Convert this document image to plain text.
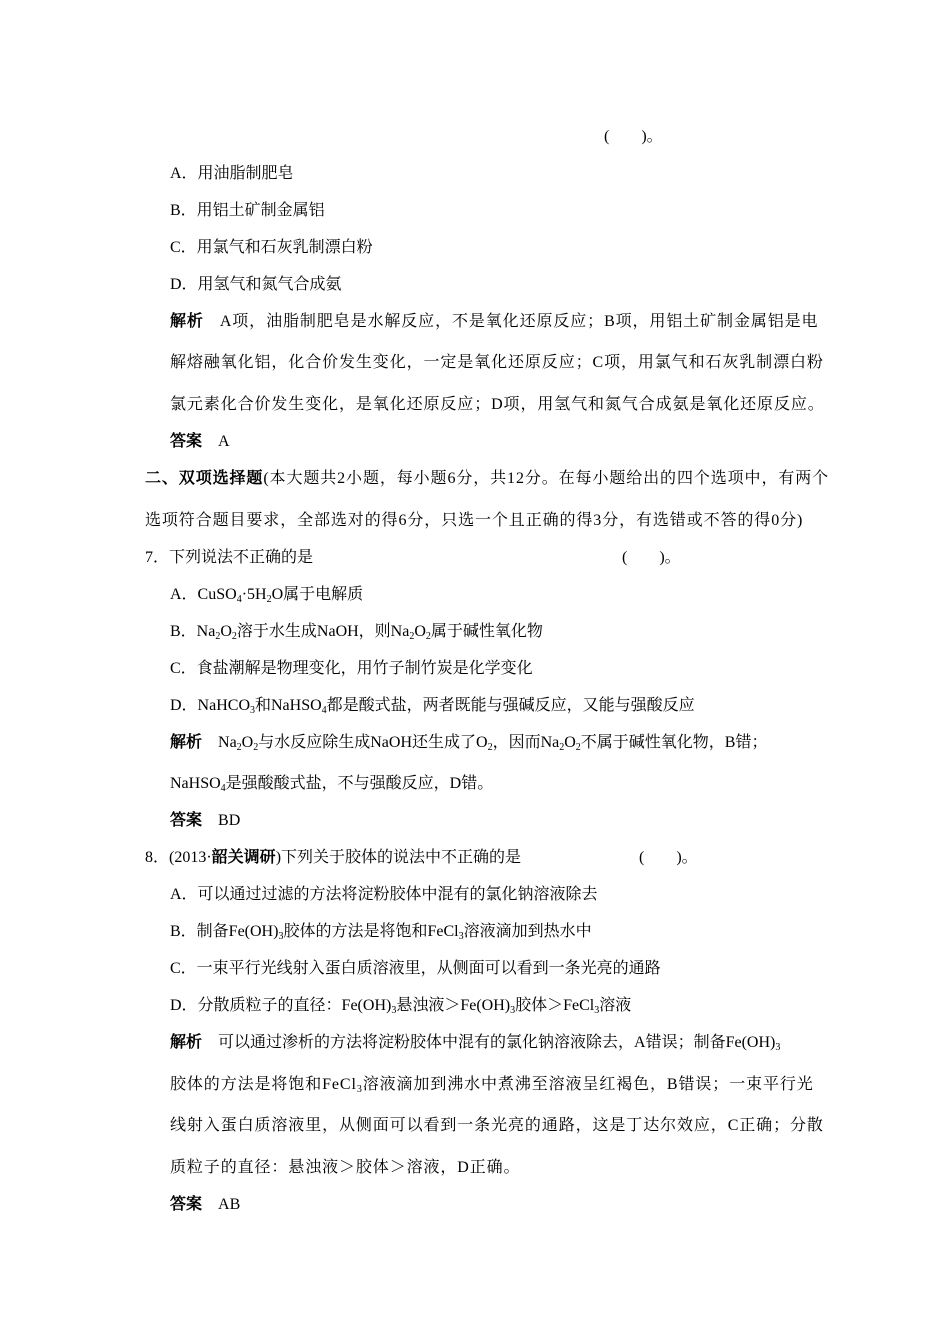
(　　)。
A．用油脂制肥皂
B．用铝土矿制金属铝
C．用氯气和石灰乳制漂白粉
D．用氢气和氮气合成氨
解析 A项，油脂制肥皂是水解反应，不是氧化还原反应；B项，用铝土矿制金属铝是电
解熔融氧化铝，化合价发生变化，一定是氧化还原反应；C项，用氯气和石灰乳制漂白粉
氯元素化合价发生变化，是氧化还原反应；D项，用氢气和氮气合成氨是氧化还原反应。
答案 A
二、双项选择题(本大题共2小题，每小题6分，共12分。在每小题给出的四个选项中，有两个
选项符合题目要求，全部选对的得6分，只选一个且正确的得3分，有选错或不答的得0分)
7．下列说法不正确的是	(　　)。
A．$CuSO_4\cdot 5H_2O$属于电解质
B．$Na_2O_2$溶于水生成NaOH，则$Na_2O_2$属于碱性氧化物
C．食盐潮解是物理变化，用竹子制竹炭是化学变化
D．NaHCO$_3$和NaHSO$_4$都是酸式盐，两者既能与强碱反应，又能与强酸反应
解析 $Na_2O_2$与水反应除生成NaOH还生成了$O_2$，因而$Na_2O_2$不属于碱性氧化物，B错；
NaHSO$_4$是强酸酸式盐，不与强酸反应，D错。
答案 BD
8．(2013·韶关调研)下列关于胶体的说法中不正确的是	(　　)。
A．可以通过过滤的方法将淀粉胶体中混有的氯化钠溶液除去
B．制备$Fe(OH)_3$胶体的方法是将饱和FeCl$_3$溶液滴加到热水中
C．一束平行光线射入蛋白质溶液里，从侧面可以看到一条光亮的通路
D．分散质粒子的直径：$Fe(OH)_3$悬浊液$>Fe(OH)_3$胶体＞FeCl$_3$溶液
解析 可以通过渗析的方法将淀粉胶体中混有的氯化钠溶液除去，A错误；制备$Fe(OH)_3$
胶体的方法是将饱和FeCl$_3$溶液滴加到沸水中煮沸至溶液呈红褐色，B错误；一束平行光
线射入蛋白质溶液里，从侧面可以看到一条光亮的通路，这是丁达尔效应，C正确；分散
质粒子的直径：悬浊液＞胶体＞溶液，D正确。
答案 AB
